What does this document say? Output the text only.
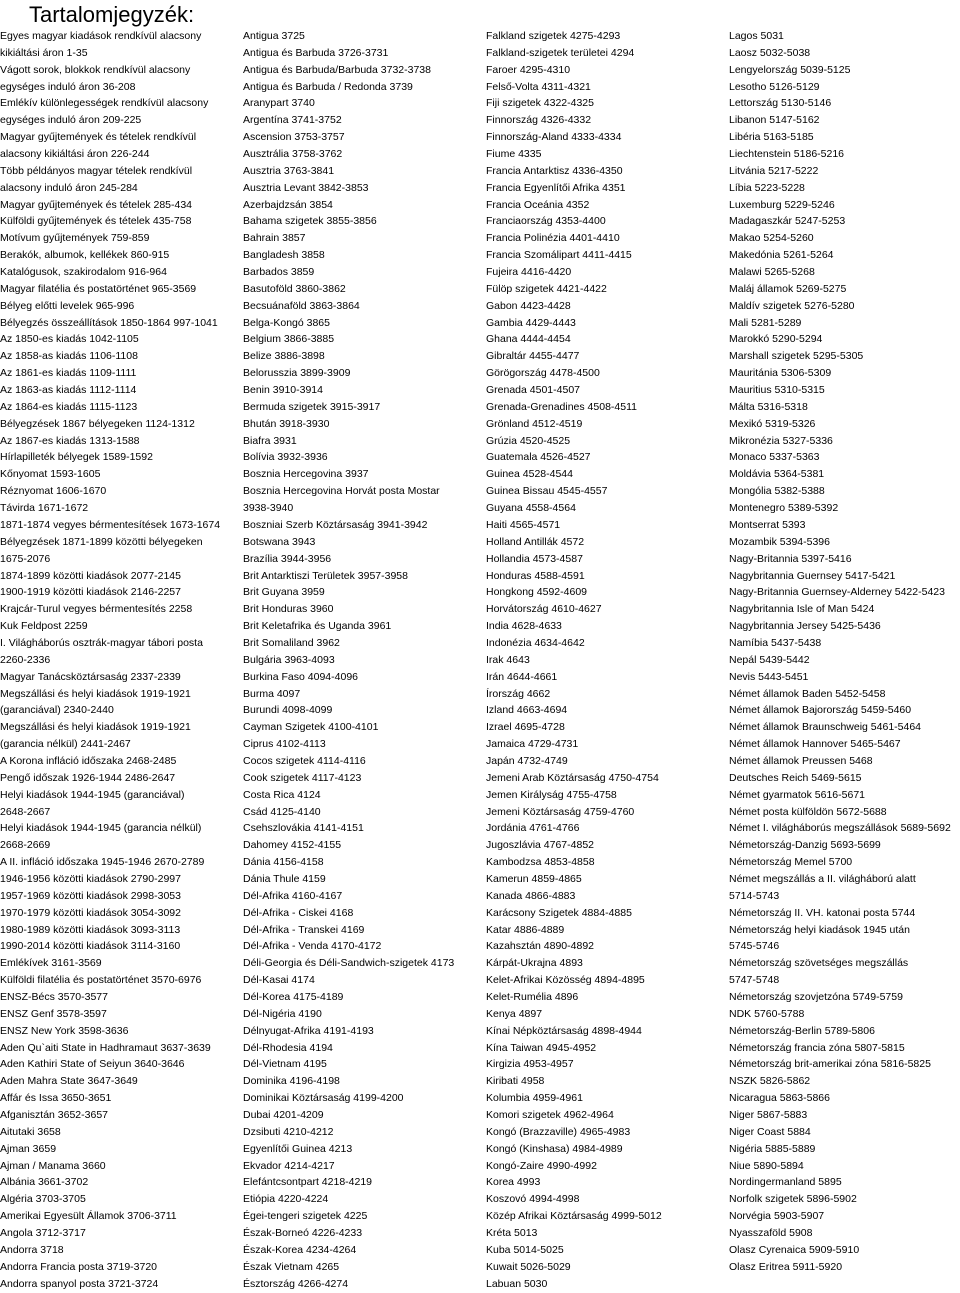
Tartalomjegyzék:
Egyes magyar kiadások rendkívül alacsony
kikiáltási áron 1-35
Vágott sorok, blokkok rendkívül alacsony
egységes induló áron 36-208
Emlékív különlegességek rendkívül alacsony
egységes induló áron 209-225
Magyar gyűjtemények és tételek rendkívül
alacsony kikiáltási áron 226-244
Több példányos magyar tételek rendkívül
alacsony induló áron 245-284
Magyar gyűjtemények és tételek 285-434
Külföldi gyűjtemények és tételek 435-758
Motívum gyűjtemények 759-859
Berakók, albumok, kellékek 860-915
Katalógusok, szakirodalom 916-964
Magyar filatélia és postatörténet 965-3569
Bélyeg előtti levelek 965-996
Bélyegzés összeállítások 1850-1864 997-1041
Az 1850-es kiadás 1042-1105
Az 1858-as kiadás 1106-1108
Az 1861-es kiadás 1109-1111
Az 1863-as kiadás 1112-1114
Az 1864-es kiadás 1115-1123
Bélyegzések 1867 bélyegeken 1124-1312
Az 1867-es kiadás 1313-1588
Hírlapilleték bélyegek 1589-1592
Kőnyomat 1593-1605
Réznyomat 1606-1670
Távirda 1671-1672
1871-1874 vegyes bérmentesítések 1673-1674
Bélyegzések 1871-1899 közötti bélyegeken
1675-2076
1874-1899 közötti kiadások 2077-2145
1900-1919 közötti kiadások 2146-2257
Krajcár-Turul vegyes bérmentesítés 2258
Kuk Feldpost 2259
I. Világháborús osztrák-magyar tábori posta
2260-2336
Magyar Tanácsköztársaság 2337-2339
Megszállási és helyi kiadások 1919-1921
(garanciával) 2340-2440
Megszállási és helyi kiadások 1919-1921
(garancia nélkül) 2441-2467
A Korona infláció időszaka 2468-2485
Pengő időszak 1926-1944 2486-2647
Helyi kiadások 1944-1945 (garanciával)
2648-2667
Helyi kiadások 1944-1945 (garancia nélkül)
2668-2669
A II. infláció időszaka 1945-1946 2670-2789
1946-1956 közötti kiadások 2790-2997
1957-1969 közötti kiadások 2998-3053
1970-1979 közötti kiadások 3054-3092
1980-1989 közötti kiadások 3093-3113
1990-2014 közötti kiadások 3114-3160
Emlékívek 3161-3569
Külföldi filatélia és postatörténet 3570-6976
ENSZ-Bécs 3570-3577
ENSZ Genf 3578-3597
ENSZ New York 3598-3636
Aden Qu`aiti State in Hadhramaut 3637-3639
Aden Kathiri State of Seiyun 3640-3646
Aden Mahra State 3647-3649
Affár és Issa 3650-3651
Afganisztán 3652-3657
Aitutaki 3658
Ajman 3659
Ajman / Manama 3660
Albánia 3661-3702
Algéria 3703-3705
Amerikai Egyesült Államok 3706-3711
Angola 3712-3717
Andorra 3718
Andorra Francia posta 3719-3720
Andorra spanyol posta 3721-3724
Antigua 3725
Antigua és Barbuda 3726-3731
Antigua és Barbuda/Barbuda 3732-3738
Antigua és Barbuda / Redonda 3739
Aranypart 3740
Argentína 3741-3752
Ascension 3753-3757
Ausztrália 3758-3762
Ausztria 3763-3841
Ausztria Levant 3842-3853
Azerbajdzsán 3854
Bahama szigetek 3855-3856
Bahrain 3857
Bangladesh 3858
Barbados 3859
Basutoföld 3860-3862
Becsuánaföld 3863-3864
Belga-Kongó 3865
Belgium 3866-3885
Belize 3886-3898
Belorusszia 3899-3909
Benin 3910-3914
Bermuda szigetek 3915-3917
Bhután 3918-3930
Biafra 3931
Bolívia 3932-3936
Bosznia Hercegovina 3937
Bosznia Hercegovina Horvát posta Mostar
3938-3940
Boszniai Szerb Köztársaság 3941-3942
Botswana 3943
Brazília 3944-3956
Brit Antarktiszi Területek 3957-3958
Brit Guyana 3959
Brit Honduras 3960
Brit Keletafrika és Uganda 3961
Brit Somaliland 3962
Bulgária 3963-4093
Burkina Faso 4094-4096
Burma 4097
Burundi 4098-4099
Cayman Szigetek 4100-4101
Ciprus 4102-4113
Cocos szigetek 4114-4116
Cook szigetek 4117-4123
Costa Rica 4124
Csád 4125-4140
Csehszlovákia 4141-4151
Dahomey 4152-4155
Dánia 4156-4158
Dánia Thule 4159
Dél-Afrika 4160-4167
Dél-Afrika - Ciskei 4168
Dél-Afrika - Transkei 4169
Dél-Afrika - Venda 4170-4172
Déli-Georgia és Déli-Sandwich-szigetek 4173
Dél-Kasai 4174
Dél-Korea 4175-4189
Dél-Nigéria 4190
Délnyugat-Afrika 4191-4193
Dél-Rhodesia 4194
Dél-Vietnam 4195
Dominika 4196-4198
Dominikai Köztársaság 4199-4200
Dubai 4201-4209
Dzsibuti 4210-4212
Egyenlítői Guinea 4213
Ekvador 4214-4217
Elefántcsontpart 4218-4219
Etiópia 4220-4224
Égei-tengeri szigetek 4225
Észak-Borneó 4226-4233
Észak-Korea 4234-4264
Észak Vietnam 4265
Észtország 4266-4274
Falkland szigetek 4275-4293
Falkland-szigetek területei 4294
Faroer 4295-4310
Felső-Volta 4311-4321
Fiji szigetek 4322-4325
Finnország 4326-4332
Finnország-Aland 4333-4334
Fiume 4335
Francia Antarktisz 4336-4350
Francia Egyenlítői Afrika 4351
Francia Oceánia 4352
Franciaország 4353-4400
Francia Polinézia 4401-4410
Francia Szomálipart 4411-4415
Fujeira 4416-4420
Fülöp szigetek 4421-4422
Gabon 4423-4428
Gambia 4429-4443
Ghana 4444-4454
Gibraltár 4455-4477
Görögország 4478-4500
Grenada 4501-4507
Grenada-Grenadines 4508-4511
Grönland 4512-4519
Grúzia 4520-4525
Guatemala 4526-4527
Guinea 4528-4544
Guinea Bissau 4545-4557
Guyana 4558-4564
Haiti 4565-4571
Holland Antillák 4572
Hollandia 4573-4587
Honduras 4588-4591
Hongkong 4592-4609
Horvátország 4610-4627
India 4628-4633
Indonézia 4634-4642
Irak 4643
Irán 4644-4661
Írország 4662
Izland 4663-4694
Izrael 4695-4728
Jamaica 4729-4731
Japán 4732-4749
Jemeni Arab Köztársaság 4750-4754
Jemen Királyság 4755-4758
Jemeni Köztársaság 4759-4760
Jordánia 4761-4766
Jugoszlávia 4767-4852
Kambodzsa 4853-4858
Kamerun 4859-4865
Kanada 4866-4883
Karácsony Szigetek 4884-4885
Katar 4886-4889
Kazahsztán 4890-4892
Kárpát-Ukrajna 4893
Kelet-Afrikai Közösség 4894-4895
Kelet-Rumélia 4896
Kenya 4897
Kínai Népköztársaság 4898-4944
Kína Taiwan 4945-4952
Kirgizia 4953-4957
Kiribati 4958
Kolumbia 4959-4961
Komori szigetek 4962-4964
Kongó (Brazzaville) 4965-4983
Kongó (Kinshasa) 4984-4989
Kongó-Zaire 4990-4992
Korea 4993
Koszovó 4994-4998
Közép Afrikai Köztársaság 4999-5012
Kréta 5013
Kuba 5014-5025
Kuwait 5026-5029
Labuan 5030
Lagos 5031
Laosz 5032-5038
Lengyelország 5039-5125
Lesotho 5126-5129
Lettország 5130-5146
Libanon 5147-5162
Libéria 5163-5185
Liechtenstein 5186-5216
Litvánia 5217-5222
Líbia 5223-5228
Luxemburg 5229-5246
Madagaszkár 5247-5253
Makao 5254-5260
Makedónia 5261-5264
Malawi 5265-5268
Maláj államok 5269-5275
Maldív szigetek 5276-5280
Mali 5281-5289
Marokkó 5290-5294
Marshall szigetek 5295-5305
Mauritánia 5306-5309
Mauritius 5310-5315
Málta 5316-5318
Mexikó 5319-5326
Mikronézia 5327-5336
Monaco 5337-5363
Moldávia 5364-5381
Mongólia 5382-5388
Montenegro 5389-5392
Montserrat 5393
Mozambik 5394-5396
Nagy-Britannia 5397-5416
Nagybritannia Guernsey 5417-5421
Nagy-Britannia Guernsey-Alderney 5422-5423
Nagybritannia Isle of Man 5424
Nagybritannia Jersey 5425-5436
Namíbia 5437-5438
Nepál 5439-5442
Nevis 5443-5451
Német államok Baden 5452-5458
Német államok Bajorország 5459-5460
Német államok Braunschweig 5461-5464
Német államok Hannover 5465-5467
Német államok Preussen 5468
Deutsches Reich 5469-5615
Német gyarmatok 5616-5671
Német posta külföldön 5672-5688
Német I. világháborús megszállások 5689-5692
Németország-Danzig 5693-5699
Németország Memel 5700
Német megszállás a II. világháború alatt
5714-5743
Németország II. VH. katonai posta 5744
Németország helyi kiadások 1945 után
5745-5746
Németország szövetséges megszállás
5747-5748
Németország szovjetzóna 5749-5759
NDK 5760-5788
Németország-Berlin 5789-5806
Németország francia zóna 5807-5815
Németország brit-amerikai zóna 5816-5825
NSZK 5826-5862
Nicaragua 5863-5866
Niger 5867-5883
Niger Coast 5884
Nigéria 5885-5889
Niue 5890-5894
Nordingermanland 5895
Norfolk szigetek 5896-5902
Norvégia 5903-5907
Nyasszaföld 5908
Olasz Cyrenaica 5909-5910
Olasz Eritrea 5911-5920
